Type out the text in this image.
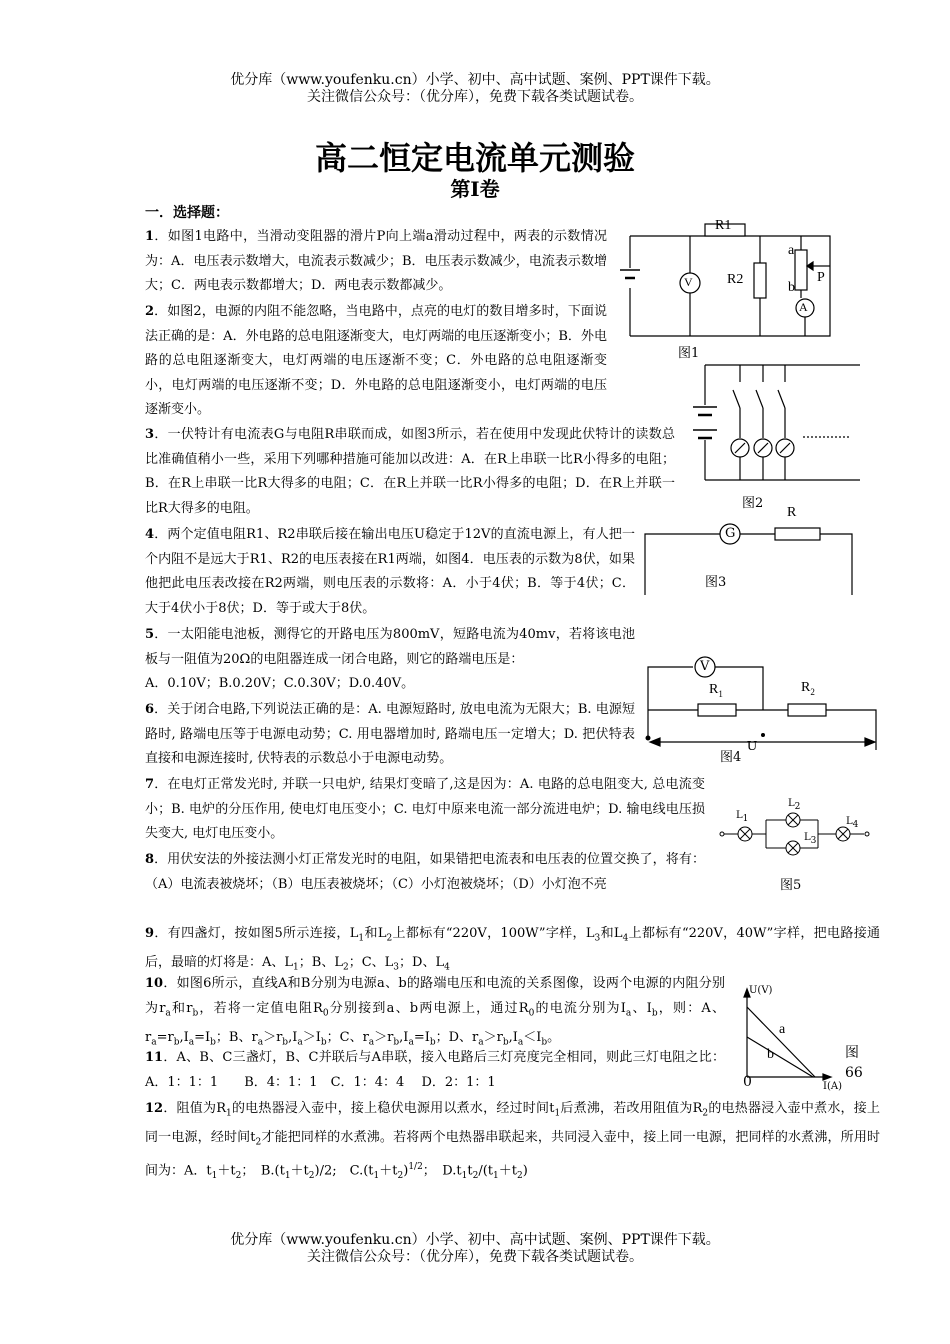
优分库（www.youfenku.cn）小学、初中、高中试题、案例、PPT课件下载。
关注微信公众号：（优分库），免费下载各类试题试卷。
高二恒定电流单元测验
第Ⅰ卷
一．选择题：
1．如图1电路中，当滑动变阻器的滑片P向上端a滑动过程中，两表的示数情况为：A．电压表示数增大，电流表示数减少；B．电压表示数减少，电流表示数增大；C．两电表示数都增大；D．两电表示数都减少。
2．如图2，电源的内阻不能忽略，当电路中，点亮的电灯的数目增多时，下面说法正确的是：A．外电路的总电阻逐渐变大，电灯两端的电压逐渐变小；B．外电路的总电阻逐渐变大，电灯两端的电压逐渐不变；C．外电路的总电阻逐渐变小，电灯两端的电压逐渐不变；D．外电路的总电阻逐渐变小，电灯两端的电压逐渐变小。
3．一伏特计有电流表G与电阻R串联而成，如图3所示，若在使用中发现此伏特计的读数总比准确值稍小一些，采用下列哪种措施可能加以改进：A．在R上串联一比R小得多的电阻；B．在R上串联一比R大得多的电阻；C．在R上并联一比R小得多的电阻；D．在R上并联一比R大得多的电阻。
4．两个定值电阻R1、R2串联后接在输出电压U稳定于12V的直流电源上，有人把一个内阻不是远大于R1、R2的电压表接在R1两端，如图4．电压表的示数为8伏，如果他把此电压表改接在R2两端，则电压表的示数将：A．小于4伏；B．等于4伏；C．大于4伏小于8伏；D．等于或大于8伏。
5．一太阳能电池板，测得它的开路电压为800mV，短路电流为40mv，若将该电池板与一阻值为20Ω的电阻器连成一闭合电路，则它的路端电压是：
A．0.10V；B.0.20V；C.0.30V；D.0.40V。
6．关于闭合电路,下列说法正确的是：A. 电源短路时, 放电电流为无限大；B. 电源短路时, 路端电压等于电源电动势；C. 用电器增加时, 路端电压一定增大；D. 把伏特表直接和电源连接时, 伏特表的示数总小于电源电动势。
7．在电灯正常发光时, 并联一只电炉, 结果灯变暗了,这是因为：A. 电路的总电阻变大, 总电流变小；B. 电炉的分压作用, 使电灯电压变小；C. 电灯中原来电流一部分流进电炉；D. 输电线电压损失变大, 电灯电压变小。
8．用伏安法的外接法测小灯正常发光时的电阻，如果错把电流表和电压表的位置交换了，将有：（A）电流表被烧坏；（B）电压表被烧坏；（C）小灯泡被烧坏；（D）小灯泡不亮
9．有四盏灯，按如图5所示连接，$L_1$和$L_2$上都标有“220V，100W”字样，$L_3$和$L_4$上都标有“220V，40W”字样，把电路接通后，最暗的灯将是：A、$L_1$；B、$L_2$；C、$L_3$；D、$L_4$
10．如图6所示，直线A和B分别为电源a、b的路端电压和电流的关系图像，设两个电源的内阻分别为$r_a$和$r_b$，若将一定值电阻$R_0$分别接到a、b两电源上，通过$R_0$的电流分别为$I_a$、$I_b$，则：A、$r_a=r_b,I_a=I_b$；B、$r_a>r_b,I_a>I_b$；C、$r_a>r_b,I_a=I_b$；D、$r_a>r_b,I_a<I_b$。
11．A、B、C三盏灯，B、C并联后与A串联，接入电路后三灯亮度完全相同，则此三灯电阻之比：A．1：1：1　　B．4：1：1　C．1：4：4　 D．2：1：1
12．阻值为$R_1$的电热器浸入壶中，接上稳伏电源用以煮水，经过时间$t_1$后煮沸，若改用阻值为$R_2$的电热器浸入壶中煮水，接上同一电源，经时间$t_2$才能把同样的水煮沸。若将两个电热器串联起来，共同浸入壶中，接上同一电源，把同样的水煮沸，所用时间为：A．$t_1+t_2$；　$B.(t_1+t_2)/2$;　$C.(t_1+t_2)^{1/2}$；　$D.t_1t_2/(t_1+t_2)$
R1
R2
V
A
a
b
P
图1
图2
G
R
图3
V
$R_1$	$R_2$
图4
U
$L_1$
$L_2$
$L_3$
$L_4$
图5
U(V)
I(A)
0
a
b	图66
优分库（www.youfenku.cn）小学、初中、高中试题、案例、PPT课件下载。
关注微信公众号：（优分库），免费下载各类试题试卷。
